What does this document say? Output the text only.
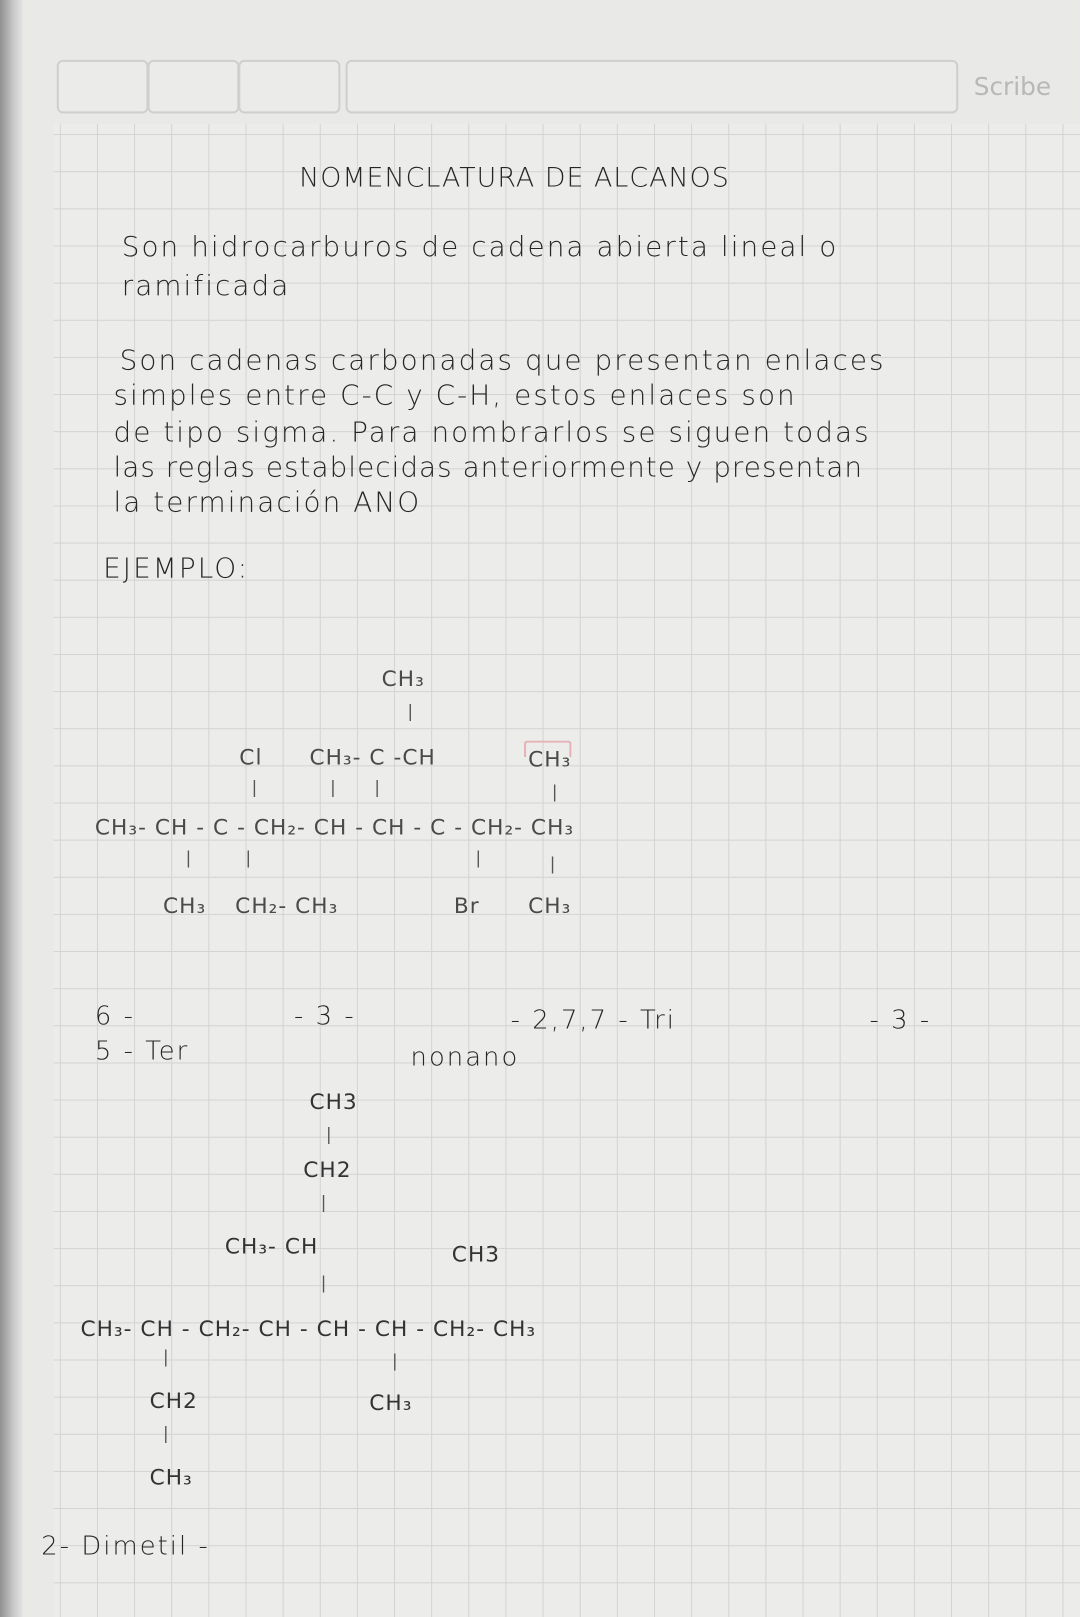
Scribe
NOMENCLATURA DE ALCANOS
Son hidrocarburos de cadena abierta lineal o
ramificada
Son cadenas carbonadas que presentan enlaces
simples entre C-C y C-H, estos enlaces son
de tipo sigma. Para nombrarlos se siguen todas
las reglas establecidas anteriormente y presentan
la terminación ANO
EJEMPLO:
CH₃
|
Cl CH₃- C -CH	CH₃
|	| |	|
CH₃- CH - C - CH₂- CH - CH - C - CH₂- CH₃
|	|	|	|
CH₃ CH₂- CH₃	Br CH₃
6 -	- 3 -	- 2,7,7 - Tri	- 3 -
5 - Ter	nonano
CH3
|
CH2
|
CH₃- CH	CH3
|
CH₃- CH - CH₂- CH - CH - CH - CH₂- CH₃
|	|
CH2	CH₃
|
CH₃
2- Dimetil -
